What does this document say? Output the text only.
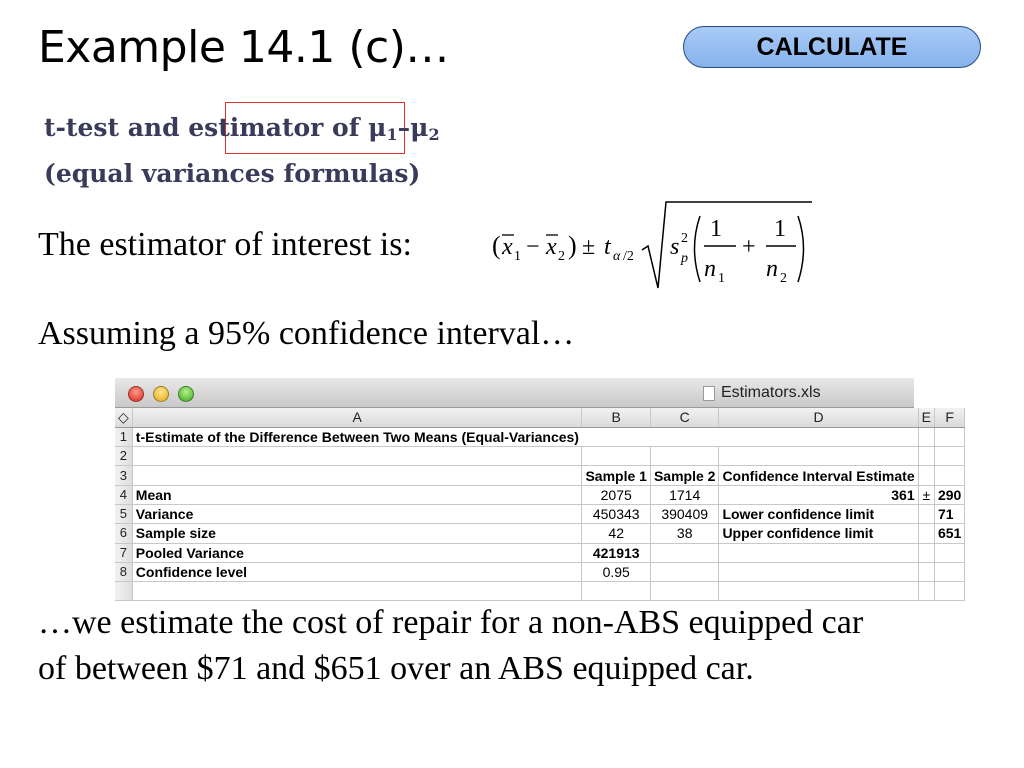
Example 14.1 (c)…	CALCULATE
t-test and estimator of $\mu_1-\mu_2$
(equal variances formulas)
The estimator of interest is:	( x 1 − x 2 ) ± t α /2 s 2
p
1
n 1
+
1
n 2
Assuming a 95% confidence interval…
Estimators.xls
◇	A	B	C	D	E	F
1	t-Estimate of the Difference Between Two Means (Equal-Variances)					
2						
3		Sample 1	Sample 2	Confidence Interval Estimate		
4	Mean	2075	1714	361	±	290
5	Variance	450343	390409	Lower confidence limit		71
6	Sample size	42	38	Upper confidence limit		651
7	Pooled Variance	421913				
8	Confidence level	0.95				

…we estimate the cost of repair for a non-ABS equipped car
of between $71 and $651 over an ABS equipped car.
